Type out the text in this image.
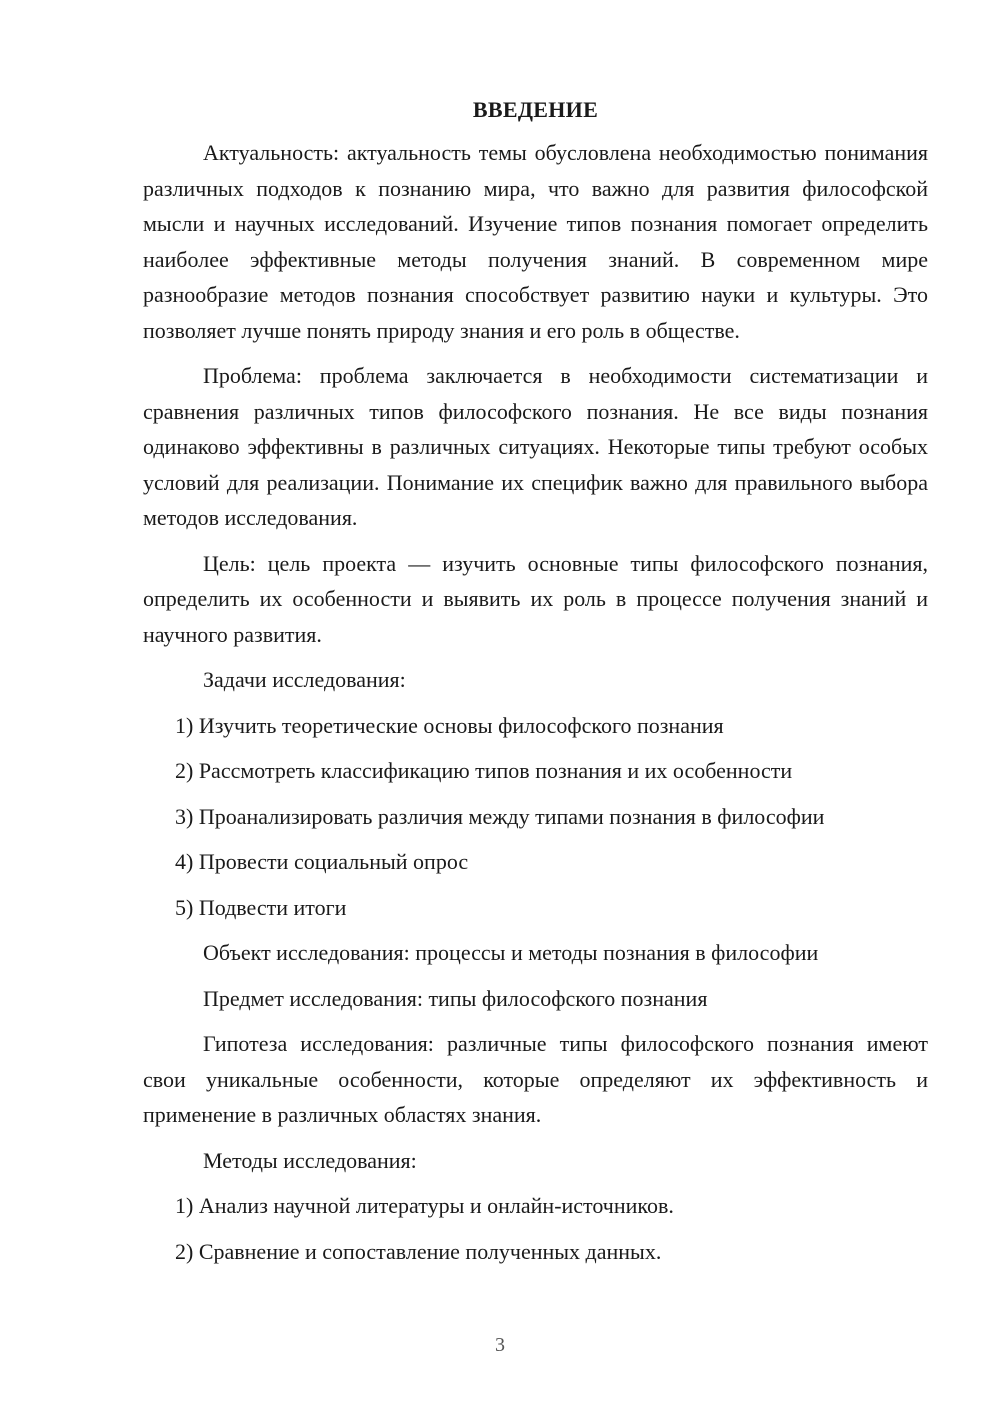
ВВЕДЕНИЕ

Актуальность: актуальность темы обусловлена необходимостью понимания различных подходов к познанию мира, что важно для развития философской мысли и научных исследований. Изучение типов познания помогает определить наиболее эффективные методы получения знаний. В современном мире разнообразие методов познания способствует развитию науки и культуры. Это позволяет лучше понять природу знания и его роль в обществе.

Проблема: проблема заключается в необходимости систематизации и сравнения различных типов философского познания. Не все виды познания одинаково эффективны в различных ситуациях. Некоторые типы требуют особых условий для реализации. Понимание их специфик важно для правильного выбора методов исследования.

Цель: цель проекта — изучить основные типы философского познания, определить их особенности и выявить их роль в процессе получения знаний и научного развития.

Задачи исследования:
1) Изучить теоретические основы философского познания
2) Рассмотреть классификацию типов познания и их особенности
3) Проанализировать различия между типами познания в философии
4) Провести социальный опрос
5) Подвести итоги
Объект исследования: процессы и методы познания в философии
Предмет исследования: типы философского познания

Гипотеза исследования: различные типы философского познания имеют свои уникальные особенности, которые определяют их эффективность и применение в различных областях знания.

Методы исследования:
1) Анализ научной литературы и онлайн-источников.
2) Сравнение и сопоставление полученных данных.
3
